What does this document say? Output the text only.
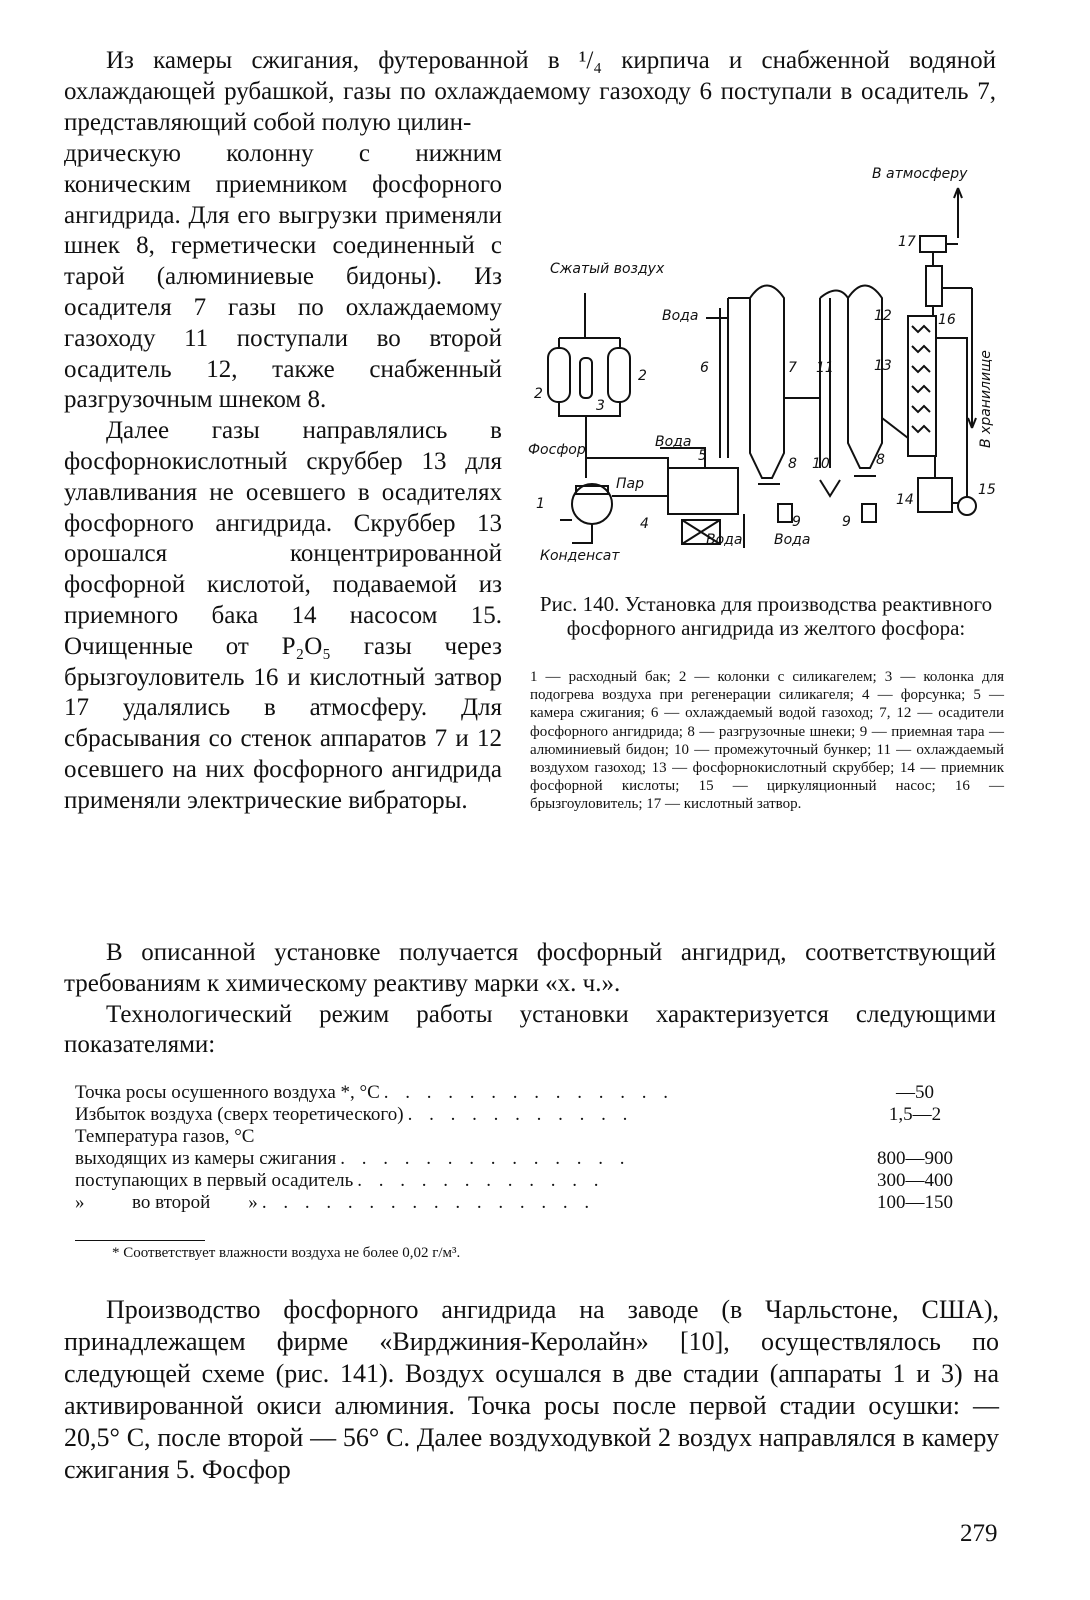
Из камеры сжигания, футерованной в ¹/₄ кирпича и снабженной водяной охлаждающей рубашкой, газы по охлаждаемому газоходу 6 поступали в осадитель 7, представляющий собой полую цилин-

дрическую колонну с нижним коническим приемником фосфорного ангидрида. Для его выгрузки применяли шнек 8, герметически соединенный с тарой (алюминиевые бидоны). Из осадителя 7 газы по охлаждаемому газоходу 11 поступали во второй осадитель 12, также снабженный разгрузочным шнеком 8.

Далее газы направлялись в фосфорнокислотный скруббер 13 для улавливания не осевшего в осадителях фосфорного ангидрида. Скруббер 13 орошался концентрированной фосфорной кислотой, подаваемой из приемного бака 14 насосом 15. Очищенные от P₂O₅ газы через брызгоуловитель 16 и кислотный затвор 17 удалялись в атмосферу. Для сбрасывания со стенок аппаратов 7 и 12 осевшего на них фосфорного ангидрида применяли электрические вибраторы.

В атмосферу
Сжатый воздух
Вода
Вода
Вода Вода
Фосфор
Пар
Конденсат
В хранилище
1
2
2
3
4
5
6	7
8	8
9	9
10
11
12
13
14
15
16
17
Рис. 140. Установка для производства реактивного фосфорного ангидрида из желтого фосфора:
1 — расходный бак; 2 — колонки с силикагелем; 3 — колонка для подогрева воздуха при регенерации силикагеля; 4 — форсунка; 5 — камера сжигания; 6 — охлаждаемый водой газоход; 7, 12 — осадители фосфорного ангидрида; 8 — разгрузочные шнеки; 9 — приемная тара — алюминиевый бидон; 10 — промежуточный бункер; 11 — охлаждаемый воздухом газоход; 13 — фосфорнокислотный скруббер; 14 — приемник фосфорной кислоты; 15 — циркуляционный насос; 16 — брызгоуловитель; 17 — кислотный затвор.

В описанной установке получается фосфорный ангидрид, соответствующий требованиям к химическому реактиву марки «х. ч.».

Технологический режим работы установки характеризуется следующими показателями:

Точка росы осушенного воздуха *, °C . . . . . . . . . . . . . .	—50
Избыток воздуха (сверх теоретического) . . . . . . . . . . .	1,5—2
Температура газов, °C	
выходящих из камеры сжигания . . . . . . . . . . . . . .	800—900
поступающих в первый осадитель . . . . . . . . . . . .	300—400
»          во второй        » . . . . . . . . . . . . . . . .	100—150
* Соответствует влажности воздуха не более 0,02 г/м³.

Производство фосфорного ангидрида на заводе (в Чарльстоне, США), принадлежащем фирме «Вирджиния-Керолайн» [10], осуществлялось по следующей схеме (рис. 141). Воздух осушался в две стадии (аппараты 1 и 3) на активированной окиси алюминия. Точка росы после первой стадии осушки: — 20,5° C, после второй — 56° C. Далее воздуходувкой 2 воздух направлялся в камеру сжигания 5. Фосфор

279
